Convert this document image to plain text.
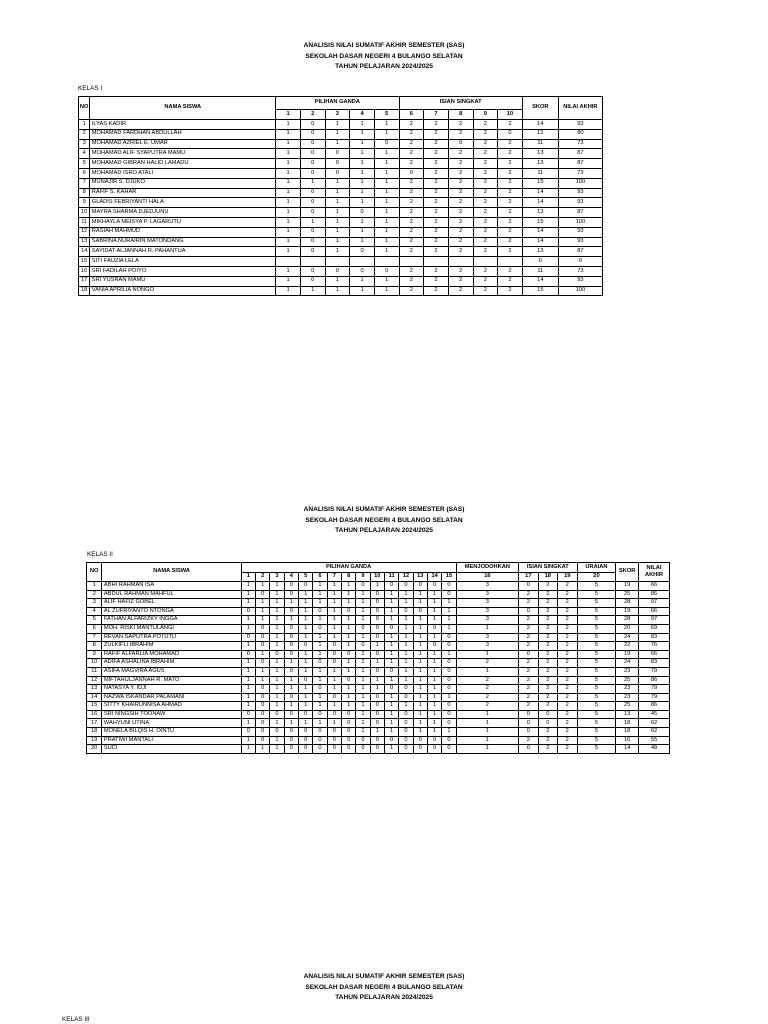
ANALISIS NILAI SUMATIF AKHIR SEMESTER (SAS)
SEKOLAH DASAR NEGERI 4 BULANGO SELATAN
TAHUN PELAJARAN 2024/2025
KELAS I
NO	NAMA SISWA	PILIHAN GANDA					ISIAN SINGKAT					SKOR	NILAI AKHIR
		1	2	3	4	5	6	7	8	9	10		
1	ILYAS KADIR	1	0	1	1	1	2	2	2	2	2	14	93
2	MOHAMAD FARDHAN ABDULLAH	1	0	1	1	1	2	2	2	2	0	12	80
3	MOHAMAD AZRIEL E. UMAR	1	0	1	1	0	2	2	0	2	2	11	73
4	MOHAMAD ALIF SYAPUTRA MAMU	1	0	0	1	1	2	2	2	2	2	13	87
5	MOHAMAD GIBRAN HALID LAMADU	1	0	0	1	1	2	2	2	2	2	13	87
6	MOHAMAD ISRO ATALI	1	0	0	1	1	0	2	2	2	2	11	73
7	MUNAJIR S. DJUKO	1	1	1	1	1	2	2	2	2	2	15	100
8	RAFIF S. KAHAR	1	0	1	1	1	2	2	2	2	2	14	93
9	GLADIS FEBRIYANTI HALA	1	0	1	1	1	2	2	2	2	2	14	93
10	MAYRA SHARMA DJEDJUNU	1	0	1	0	1	2	2	2	2	2	13	87
11	MIKHAYLA MEISYA P. LAGARUTU	1	1	1	1	1	2	2	2	2	2	15	100
12	RASIAH MAHMUD	1	0	1	1	1	2	2	2	2	2	14	93
13	SABRINA NURAIRIN MATONDANG	1	0	1	1	1	2	2	2	2	2	14	93
14	SAYIDAT ALJANNAH R. PAHANTUA	1	0	1	0	1	2	2	2	2	2	13	87
15	SITI FAUZIA LELA											0	0
16	SRI FADILAH POIYO	1	0	0	0	0	2	2	2	2	2	11	73
17	SRI YUSRAN MAMU	1	0	1	1	1	2	2	2	2	2	14	93
18	VANIA APRILIA NONGO	1	1	1	1	1	2	2	2	2	2	15	100
ANALISIS NILAI SUMATIF AKHIR SEMESTER (SAS)
SEKOLAH DASAR NEGERI 4 BULANGO SELATAN
TAHUN PELAJARAN 2024/2025
KELAS II
NO	NAMA SISWA	PILIHAN GANDA															MENJODOHKAN	ISIAN SINGKAT			URAIAN	SKOR	NILAI AKHIR
		1	2	3	4	5	6	7	8	9	10	11	12	13	14	15	16	17	18	19	20		
1	ABHI RAHMAN ISA	1	1	1	0	0	1	1	1	0	1	0	0	0	0	0	3	0	2	2	5	19	66
2	ABDUL RAHMAN MAHFUL	1	0	1	0	1	1	1	1	1	0	1	1	1	1	0	3	2	2	2	5	25	86
3	ALIF HAFIZ GOBEL	1	1	1	1	1	1	1	1	1	0	1	1	1	1	1	3	2	2	2	5	28	97
4	AL ZUFRIYANTO NTONGA	0	1	1	0	1	0	1	0	1	0	1	0	0	1	1	3	0	2	2	5	19	66
5	FATHAN ALFARIZKY INGGA	1	1	1	1	1	1	1	1	1	0	1	1	1	1	1	3	2	2	2	5	28	97
6	MOH. RISKI MANTULANGI	1	0	1	0	1	0	1	1	0	0	0	1	1	0	1	1	2	2	2	5	20	69
7	REVAN SAPUTRA POTUTU	0	0	1	0	1	1	1	1	1	0	1	1	1	1	0	3	2	2	2	5	24	83
8	ZULKIFLI IBRAHIM	1	0	1	0	0	1	0	1	0	1	1	1	1	0	0	3	2	2	2	5	22	76
9	RAFIF ALFARLIA MOHAMAD	0	1	0	0	1	1	0	0	1	0	1	1	1	1	1	1	0	2	2	5	19	66
10	ADIFA ASHALINA IBRAHIM	1	0	1	1	1	0	0	1	1	1	1	1	1	1	0	2	2	2	2	5	24	83
11	ASIFA MAGVIRA AGUS	1	1	1	0	1	1	1	1	1	0	0	1	1	1	0	1	2	2	2	5	23	79
12	MIFTAHULJANNAH R. MATO	1	1	1	1	0	1	1	0	1	1	1	1	1	1	0	2	2	2	2	5	25	86
13	NATASYA Y. IDJI	1	0	1	1	1	0	1	1	1	1	0	0	1	1	0	2	2	2	2	5	23	79
14	NAZWA ISKANDAR PALAMANI	1	0	1	0	1	1	0	1	1	0	1	0	1	1	1	2	2	2	2	5	23	79
15	SITTY KHAIRUNNISA AHMAD	1	0	1	1	1	1	1	1	1	0	1	1	1	1	0	2	2	2	2	5	25	86
16	SRI NINGSIH TOONAW	0	0	0	0	0	0	0	0	1	0	1	0	1	1	0	1	0	0	2	5	13	45
17	WAHYUNI UTINA	1	0	1	1	1	1	1	0	1	0	1	0	1	1	0	1	0	0	2	5	18	62
18	MONELA BILQIS H. OINTU	0	0	0	0	0	0	0	0	1	1	1	0	1	1	1	1	0	2	2	5	18	62
19	PRATIWI MANTALI	1	0	1	0	0	0	0	0	0	0	0	0	0	0	0	1	2	2	2	5	16	55
20	SUCI	1	1	1	0	0	0	0	0	0	0	1	0	0	0	0	1	0	2	2	5	14	48
ANALISIS NILAI SUMATIF AKHIR SEMESTER (SAS)
SEKOLAH DASAR NEGERI 4 BULANGO SELATAN
TAHUN PELAJARAN 2024/2025
KELAS III
